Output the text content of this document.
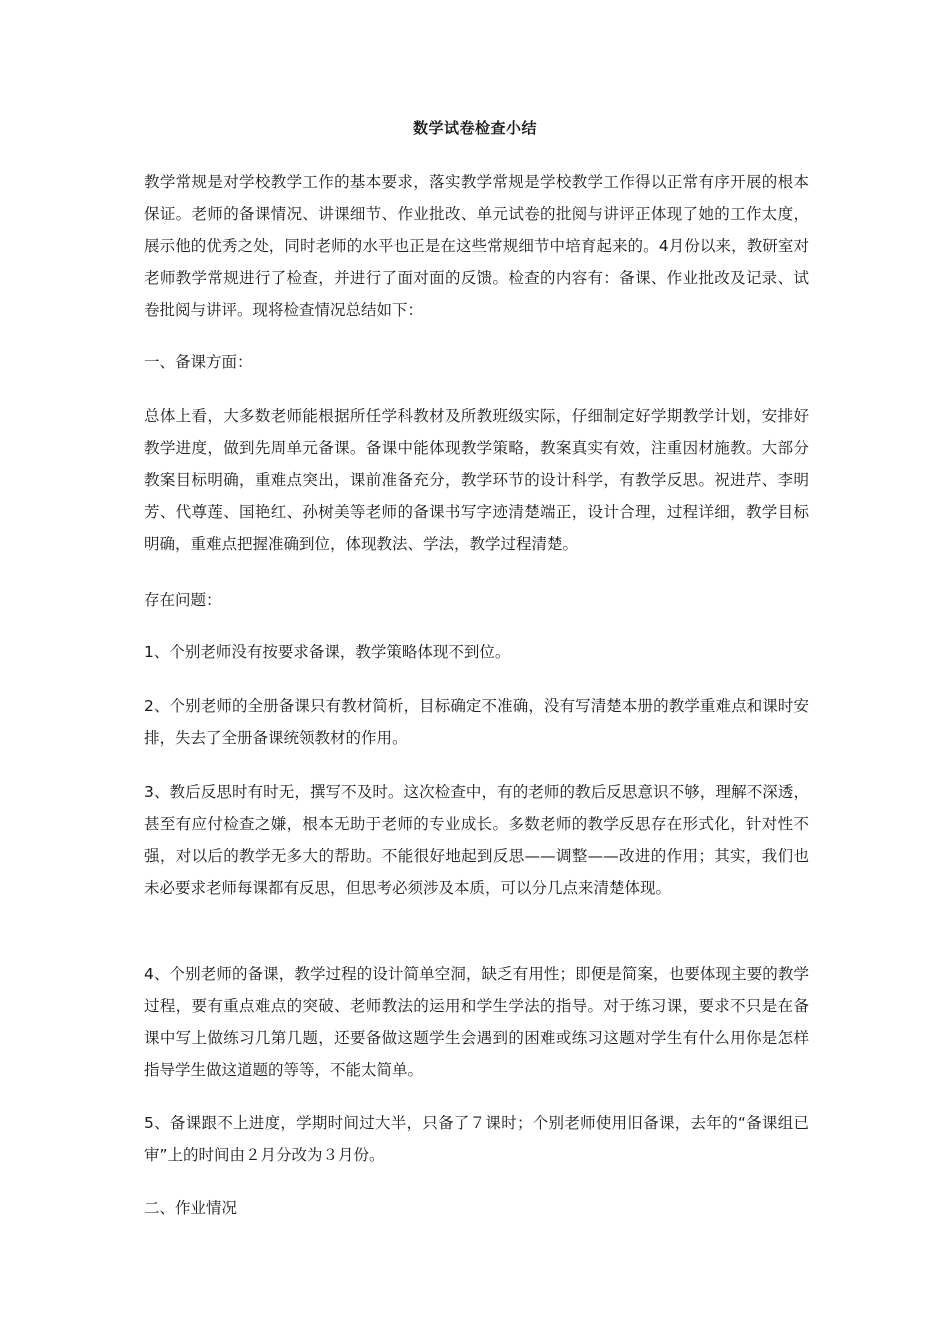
数学试卷检查小结

教学常规是对学校教学工作的基本要求，落实教学常规是学校教学工作得以正常有序开展的根本保证。老师的备课情况、讲课细节、作业批改、单元试卷的批阅与讲评正体现了她的工作太度，展示他的优秀之处，同时老师的水平也正是在这些常规细节中培育起来的。4月份以来，教研室对老师教学常规进行了检查，并进行了面对面的反馈。检查的内容有：备课、作业批改及记录、试卷批阅与讲评。现将检查情况总结如下：

一、备课方面：

总体上看，大多数老师能根据所任学科教材及所教班级实际，仔细制定好学期教学计划，安排好教学进度，做到先周单元备课。备课中能体现教学策略，教案真实有效，注重因材施教。大部分教案目标明确，重难点突出，课前准备充分，教学环节的设计科学，有教学反思。祝进芹、李明芳、代尊莲、国艳红、孙树美等老师的备课书写字迹清楚端正，设计合理，过程详细，教学目标明确，重难点把握准确到位，体现教法、学法，教学过程清楚。

存在问题：

1、个别老师没有按要求备课，教学策略体现不到位。

2、个别老师的全册备课只有教材简析，目标确定不准确，没有写清楚本册的教学重难点和课时安排，失去了全册备课统领教材的作用。

3、教后反思时有时无，撰写不及时。这次检查中，有的老师的教后反思意识不够，理解不深透，甚至有应付检查之嫌，根本无助于老师的专业成长。多数老师的教学反思存在形式化，针对性不强，对以后的教学无多大的帮助。不能很好地起到反思——调整——改进的作用；其实，我们也未必要求老师每课都有反思，但思考必须涉及本质，可以分几点来清楚体现。

4、个别老师的备课，教学过程的设计简单空洞，缺乏有用性；即便是简案，也要体现主要的教学过程，要有重点难点的突破、老师教法的运用和学生学法的指导。对于练习课，要求不只是在备课中写上做练习几第几题，还要备做这题学生会遇到的困难或练习这题对学生有什么用你是怎样指导学生做这道题的等等，不能太简单。

5、备课跟不上进度，学期时间过大半，只备了７课时；个别老师使用旧备课，去年的“备课组已审”上的时间由２月分改为３月份。

二、作业情况
